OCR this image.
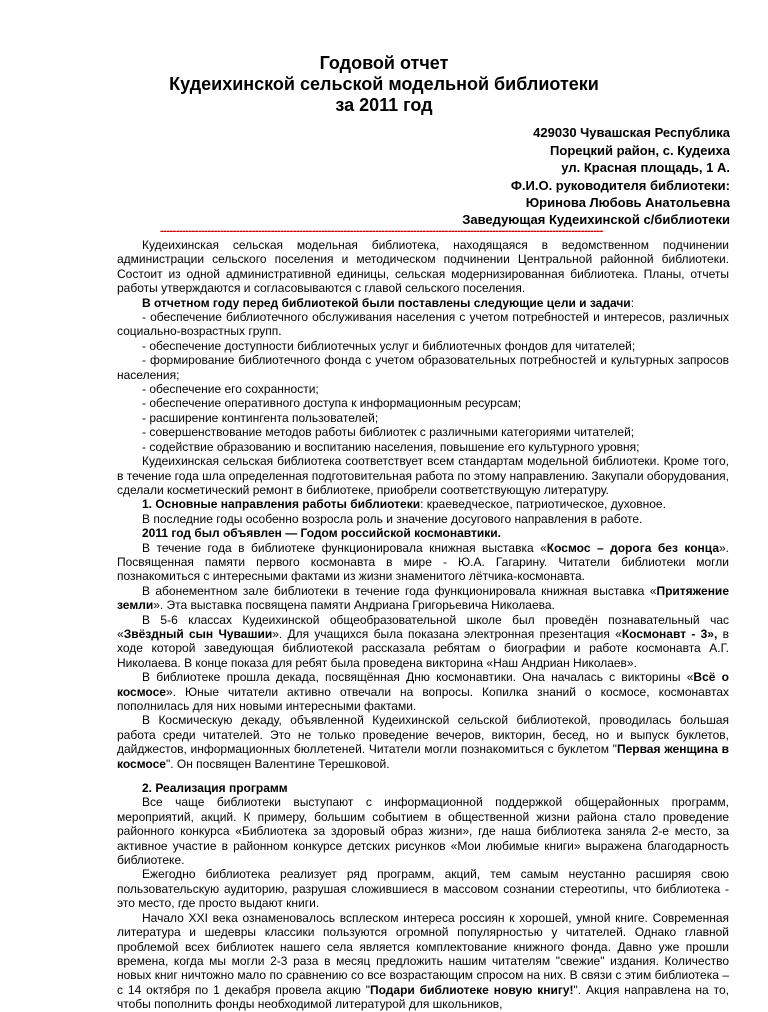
Годовой отчет
Кудеихинской сельской модельной библиотеки
за 2011 год
429030 Чувашская Республика
Порецкий район, с. Кудеиха
ул. Красная площадь, 1 А.
Ф.И.О. руководителя библиотеки:
Юринова Любовь Анатольевна
Заведующая Кудеихинской с/библиотеки
--------------------------------------------------------------------------------------------------------------------------------------------

Кудеихинская сельская модельная библиотека, находящаяся в ведомственном подчинении администрации сельского поселения и методическом подчинении Центральной районной библиотеки. Состоит из одной административной единицы, сельская модернизированная библиотека. Планы, отчеты работы утверждаются и согласовываются с главой сельского поселения.

В отчетном году перед библиотекой были поставлены следующие цели и задачи:

- обеспечение библиотечного обслуживания населения с учетом потребностей и интересов, различных социально-возрастных групп.

- обеспечение доступности библиотечных услуг и библиотечных фондов для читателей;

- формирование библиотечного фонда с учетом образовательных потребностей и культурных запросов населения;

- обеспечение его сохранности;

- обеспечение оперативного доступа к информационным ресурсам;

- расширение контингента пользователей;

- совершенствование методов работы библиотек с различными категориями читателей;

- содействие образованию и воспитанию населения, повышение его культурного уровня;

Кудеихинская сельская библиотека соответствует всем стандартам модельной библиотеки. Кроме того, в течение года шла определенная подготовительная работа по этому направлению. Закупали оборудования, сделали косметический ремонт в библиотеке, приобрели соответствующую литературу.

1. Основные направления работы библиотеки: краеведческое, патриотическое, духовное.

В последние годы особенно возросла роль и значение досугового направления в работе.

2011 год был объявлен — Годом российской космонавтики.

В течение года в библиотеке функционировала книжная выставка «Космос – дорога без конца». Посвященная памяти первого космонавта в мире - Ю.А. Гагарину. Читатели библиотеки могли познакомиться с интересными фактами из жизни знаменитого лётчика-космонавта.

В абонементном зале библиотеки в течение года функционировала книжная выставка «Притяжение земли». Эта выставка посвящена памяти Андриана Григорьевича Николаева.

В 5-6 классах Кудеихинской общеобразовательной школе был проведён познавательный час «Звёздный сын Чувашии». Для учащихся была показана электронная презентация «Космонавт - 3», в ходе которой заведующая библиотекой рассказала ребятам о биографии и работе космонавта А.Г. Николаева. В конце показа для ребят была проведена викторина «Наш Андриан Николаев».

В библиотеке прошла декада, посвящённая Дню космонавтики. Она началась с викторины «Всё о космосе». Юные читатели активно отвечали на вопросы. Копилка знаний о космосе, космонавтах пополнилась для них новыми интересными фактами.

В Космическую декаду, объявленной Кудеихинской сельской библиотекой, проводилась большая работа среди читателей. Это не только проведение вечеров, викторин, бесед, но и выпуск буклетов, дайджестов, информационных бюллетеней. Читатели могли познакомиться с буклетом "Первая женщина в космосе". Он посвящен Валентине Терешковой.

2. Реализация программ

Все чаще библиотеки выступают с информационной поддержкой общерайонных программ, мероприятий, акций. К примеру, большим событием в общественной жизни района стало проведение районного конкурса «Библиотека за здоровый образ жизни», где наша библиотека заняла 2-е место, за активное участие в районном конкурсе детских рисунков «Мои любимые книги» выражена благодарность библиотеке.

Ежегодно библиотека реализует ряд программ, акций, тем самым неустанно расширяя свою пользовательскую аудиторию, разрушая сложившиеся в массовом сознании стереотипы, что библиотека - это место, где просто выдают книги.

Начало XXI века ознаменовалось всплеском интереса россиян к хорошей, умной книге. Современная литература и шедевры классики пользуются огромной популярностью у читателей. Однако главной проблемой всех библиотек нашего села является комплектование книжного фонда. Давно уже прошли времена, когда мы могли 2-3 раза в месяц предложить нашим читателям "свежие" издания. Количество новых книг ничтожно мало по сравнению со все возрастающим спросом на них. В связи с этим библиотека – с 14 октября по 1 декабря провела акцию "Подари библиотеке новую книгу!". Акция направлена на то, чтобы пополнить фонды необходимой литературой для школьников,
